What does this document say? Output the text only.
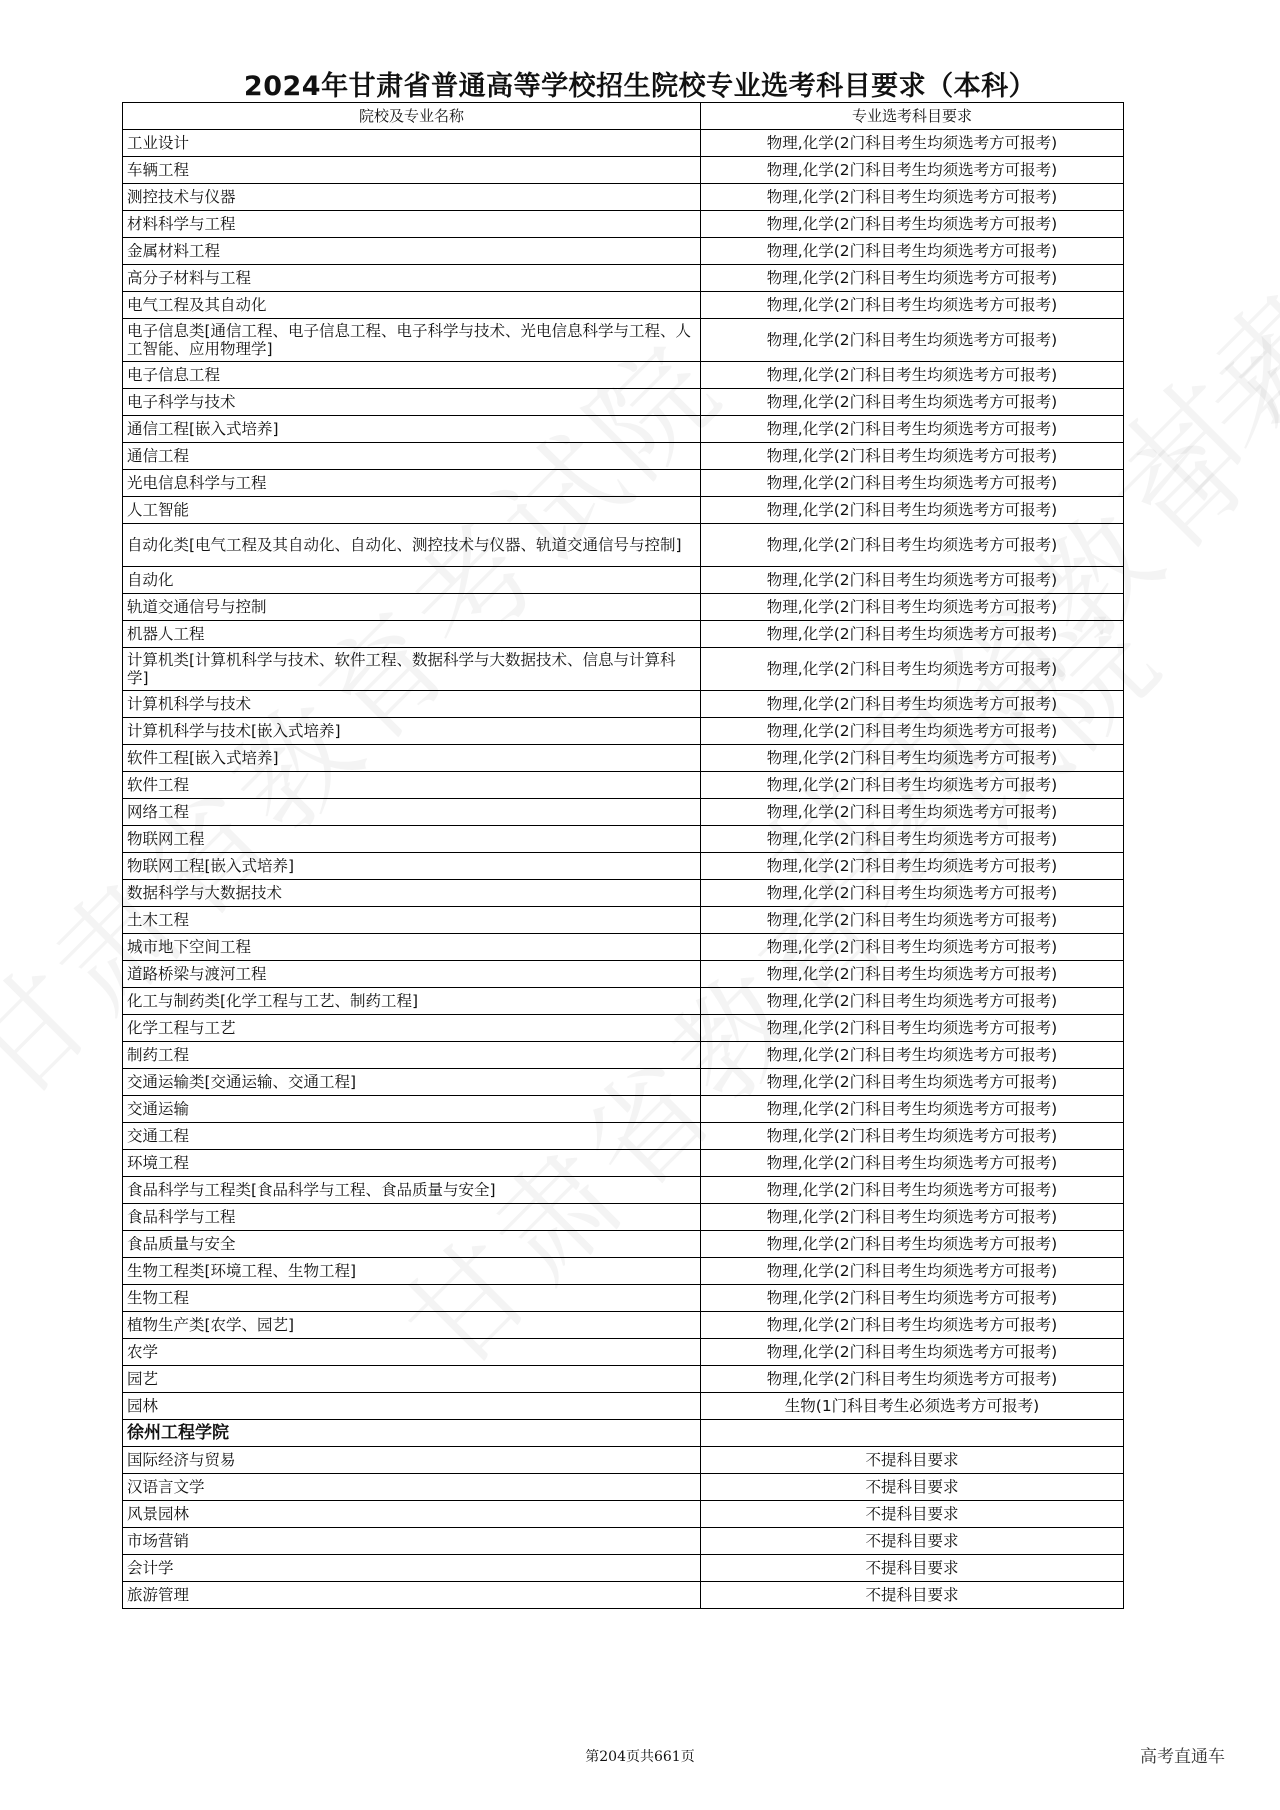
2024年甘肃省普通高等学校招生院校专业选考科目要求（本科）
院校及专业名称	专业选考科目要求
工业设计	物理,化学(2门科目考生均须选考方可报考)
车辆工程	物理,化学(2门科目考生均须选考方可报考)
测控技术与仪器	物理,化学(2门科目考生均须选考方可报考)
材料科学与工程	物理,化学(2门科目考生均须选考方可报考)
金属材料工程	物理,化学(2门科目考生均须选考方可报考)
高分子材料与工程	物理,化学(2门科目考生均须选考方可报考)
电气工程及其自动化	物理,化学(2门科目考生均须选考方可报考)
电子信息类[通信工程、电子信息工程、电子科学与技术、光电信息科学与工程、人工智能、应用物理学]	物理,化学(2门科目考生均须选考方可报考)
电子信息工程	物理,化学(2门科目考生均须选考方可报考)
电子科学与技术	物理,化学(2门科目考生均须选考方可报考)
通信工程[嵌入式培养]	物理,化学(2门科目考生均须选考方可报考)
通信工程	物理,化学(2门科目考生均须选考方可报考)
光电信息科学与工程	物理,化学(2门科目考生均须选考方可报考)
人工智能	物理,化学(2门科目考生均须选考方可报考)
自动化类[电气工程及其自动化、自动化、测控技术与仪器、轨道交通信号与控制]	物理,化学(2门科目考生均须选考方可报考)
自动化	物理,化学(2门科目考生均须选考方可报考)
轨道交通信号与控制	物理,化学(2门科目考生均须选考方可报考)
机器人工程	物理,化学(2门科目考生均须选考方可报考)
计算机类[计算机科学与技术、软件工程、数据科学与大数据技术、信息与计算科学]	物理,化学(2门科目考生均须选考方可报考)
计算机科学与技术	物理,化学(2门科目考生均须选考方可报考)
计算机科学与技术[嵌入式培养]	物理,化学(2门科目考生均须选考方可报考)
软件工程[嵌入式培养]	物理,化学(2门科目考生均须选考方可报考)
软件工程	物理,化学(2门科目考生均须选考方可报考)
网络工程	物理,化学(2门科目考生均须选考方可报考)
物联网工程	物理,化学(2门科目考生均须选考方可报考)
物联网工程[嵌入式培养]	物理,化学(2门科目考生均须选考方可报考)
数据科学与大数据技术	物理,化学(2门科目考生均须选考方可报考)
土木工程	物理,化学(2门科目考生均须选考方可报考)
城市地下空间工程	物理,化学(2门科目考生均须选考方可报考)
道路桥梁与渡河工程	物理,化学(2门科目考生均须选考方可报考)
化工与制药类[化学工程与工艺、制药工程]	物理,化学(2门科目考生均须选考方可报考)
化学工程与工艺	物理,化学(2门科目考生均须选考方可报考)
制药工程	物理,化学(2门科目考生均须选考方可报考)
交通运输类[交通运输、交通工程]	物理,化学(2门科目考生均须选考方可报考)
交通运输	物理,化学(2门科目考生均须选考方可报考)
交通工程	物理,化学(2门科目考生均须选考方可报考)
环境工程	物理,化学(2门科目考生均须选考方可报考)
食品科学与工程类[食品科学与工程、食品质量与安全]	物理,化学(2门科目考生均须选考方可报考)
食品科学与工程	物理,化学(2门科目考生均须选考方可报考)
食品质量与安全	物理,化学(2门科目考生均须选考方可报考)
生物工程类[环境工程、生物工程]	物理,化学(2门科目考生均须选考方可报考)
生物工程	物理,化学(2门科目考生均须选考方可报考)
植物生产类[农学、园艺]	物理,化学(2门科目考生均须选考方可报考)
农学	物理,化学(2门科目考生均须选考方可报考)
园艺	物理,化学(2门科目考生均须选考方可报考)
园林	生物(1门科目考生必须选考方可报考)
徐州工程学院	
国际经济与贸易	不提科目要求
汉语言文学	不提科目要求
风景园林	不提科目要求
市场营销	不提科目要求
会计学	不提科目要求
旅游管理	不提科目要求
第204页共661页	高考直通车
